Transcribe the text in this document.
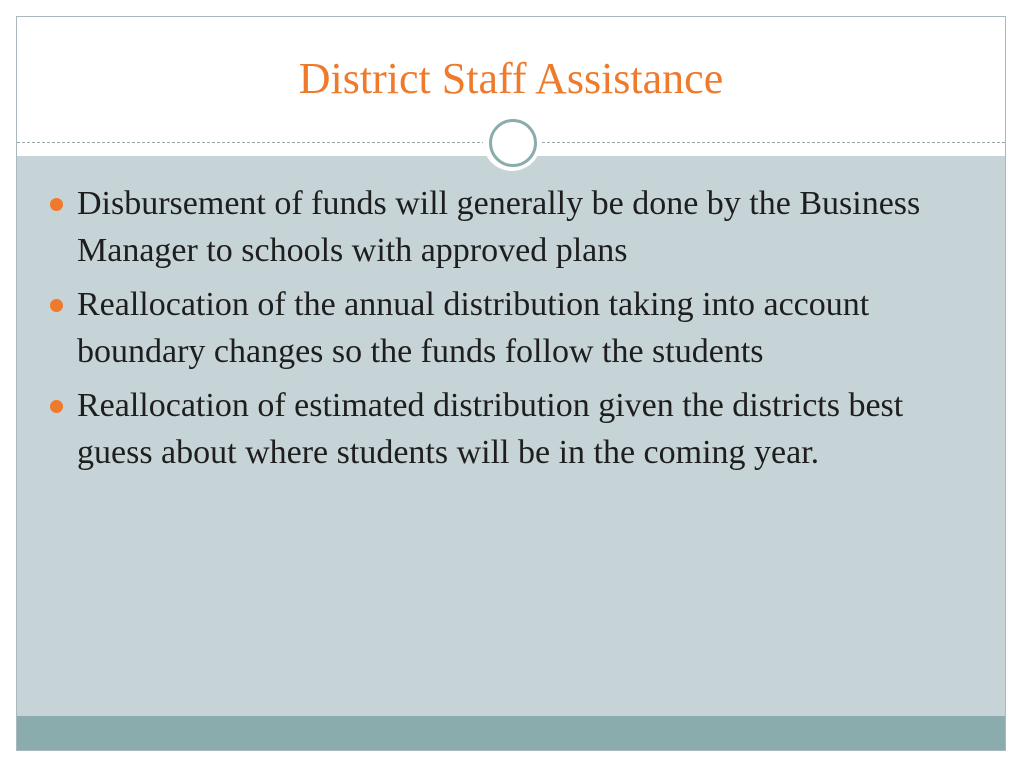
District Staff Assistance
Disbursement of funds will generally be done by the Business Manager to schools with approved plans
Reallocation of the annual distribution taking into account boundary changes so the funds follow the students
Reallocation of estimated distribution given the districts best guess about where students will be in the coming year.
